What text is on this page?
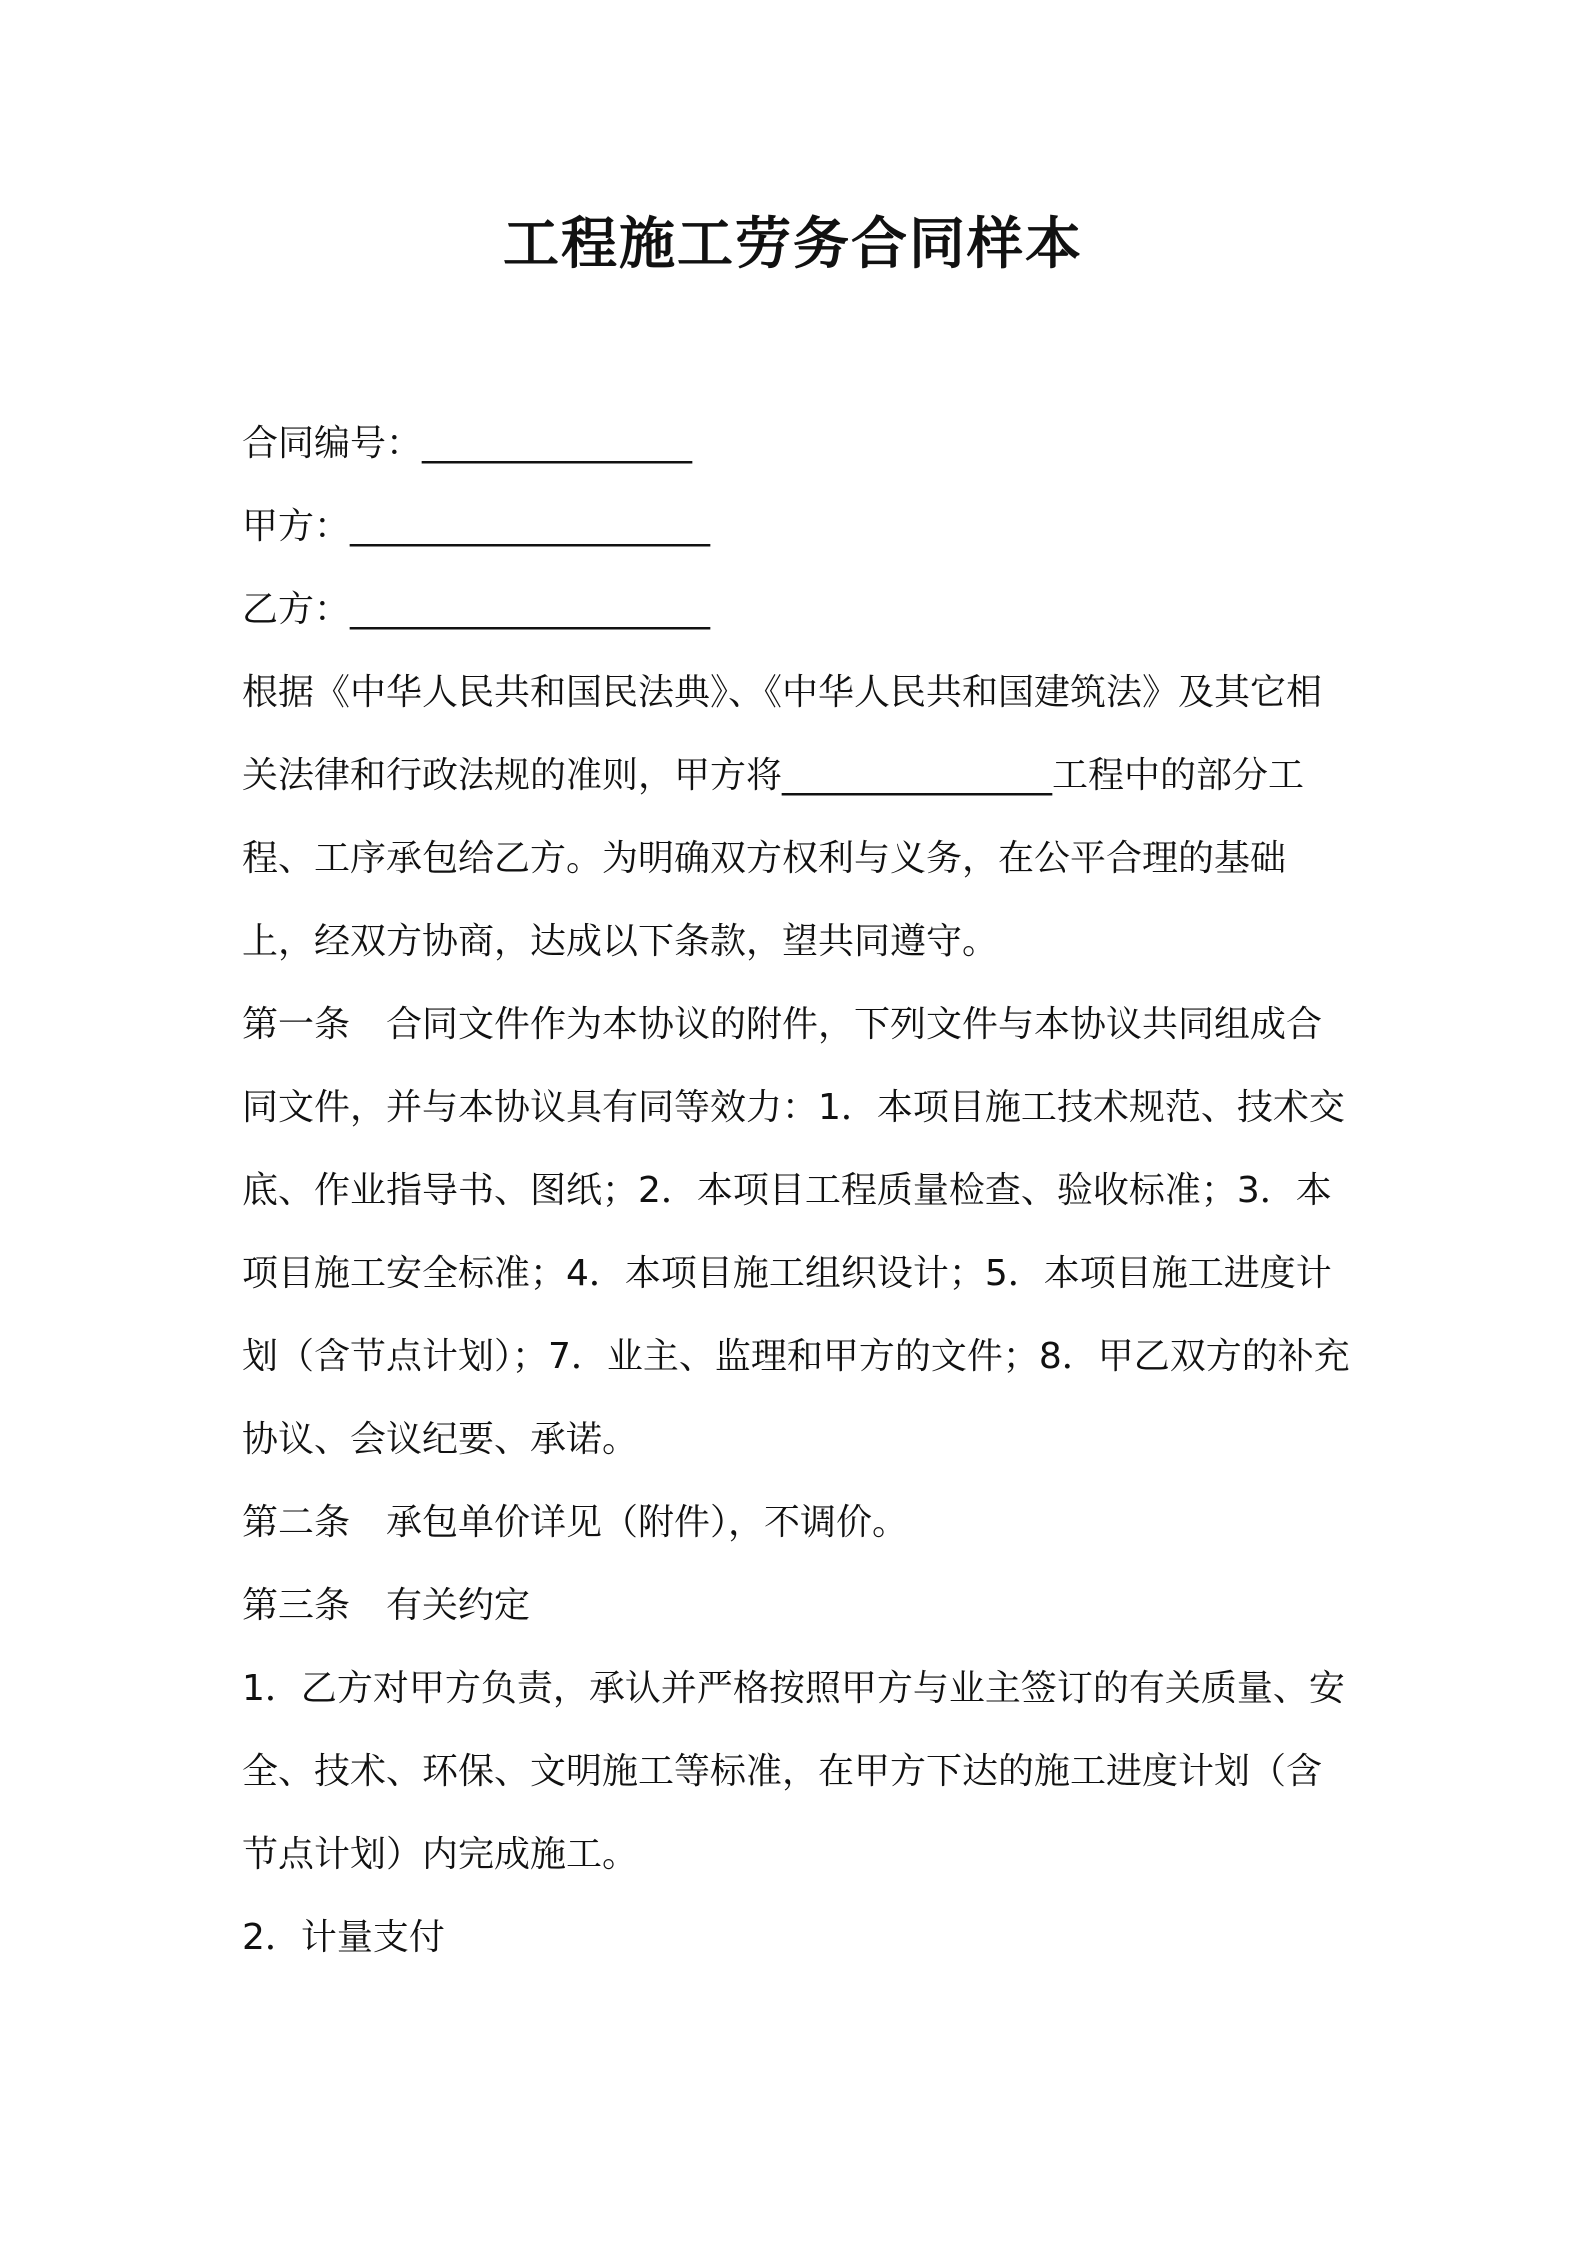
工程施工劳务合同样本

合同编号：_______________

甲方：____________________

乙方：____________________

根据《中华人民共和国民法典》、《中华人民共和国建筑法》及其它相关法律和行政法规的准则，甲方将_______________工程中的部分工程、工序承包给乙方。为明确双方权利与义务，在公平合理的基础上，经双方协商，达成以下条款，望共同遵守。

第一条 合同文件作为本协议的附件，下列文件与本协议共同组成合同文件，并与本协议具有同等效力：1．本项目施工技术规范、技术交底、作业指导书、图纸；2．本项目工程质量检查、验收标准；3．本项目施工安全标准；4．本项目施工组织设计；5．本项目施工进度计划（含节点计划）；7．业主、监理和甲方的文件；8．甲乙双方的补充协议、会议纪要、承诺。

第二条 承包单价详见（附件），不调价。

第三条 有关约定

1．乙方对甲方负责，承认并严格按照甲方与业主签订的有关质量、安全、技术、环保、文明施工等标准，在甲方下达的施工进度计划（含节点计划）内完成施工。

2．计量支付
